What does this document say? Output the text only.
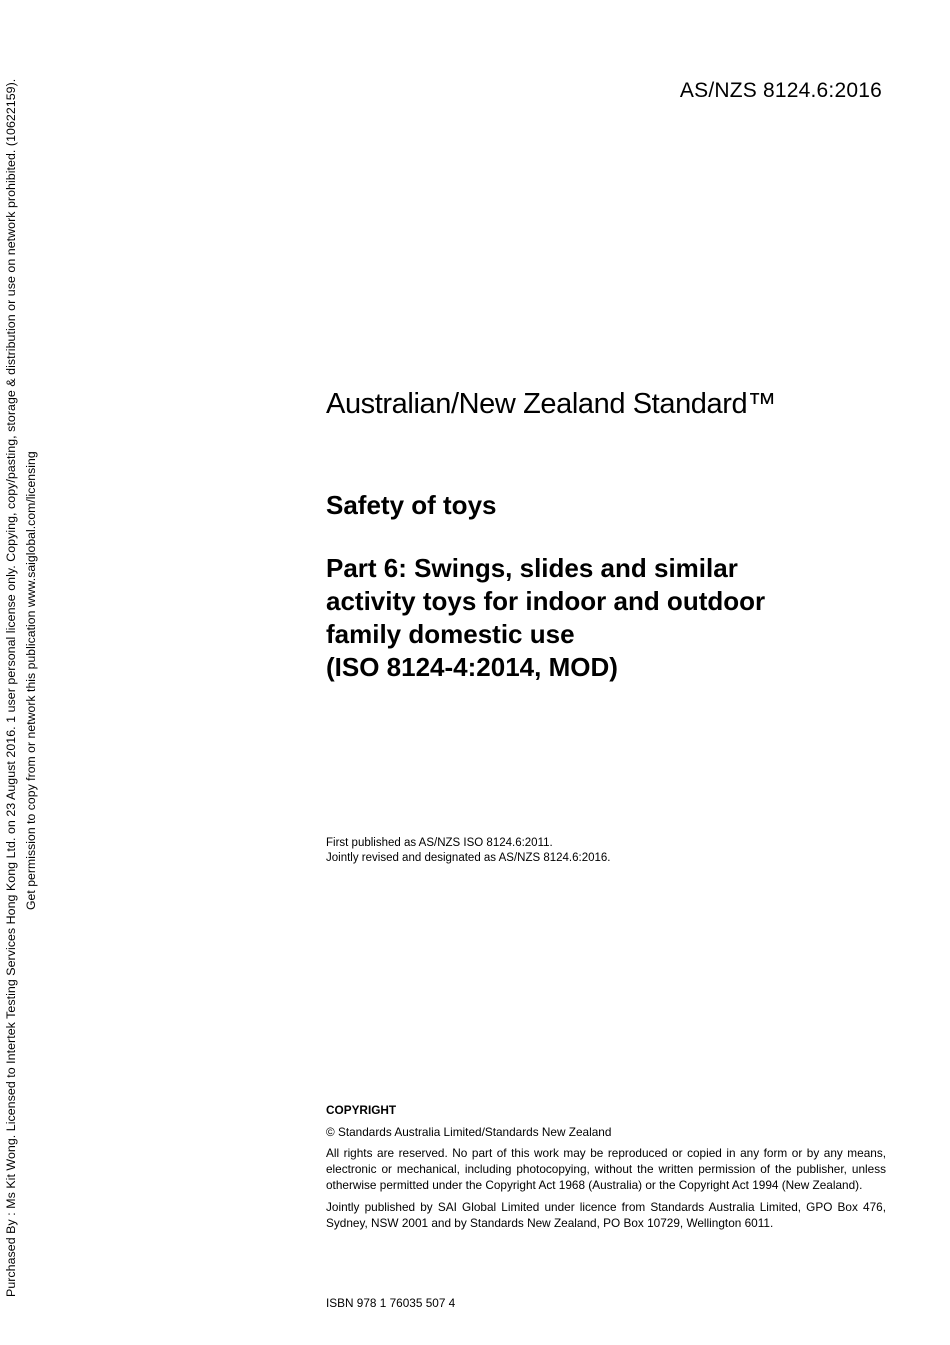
AS/NZS 8124.6:2016
Purchased By : Ms Kit Wong. Licensed to Intertek Testing Services Hong Kong Ltd. on 23 August 2016. 1 user personal license only. Copying, copy/pasting, storage & distribution or use on network prohibited. (10622159). Get permission to copy from or network this publication www.saiglobal.com/licensing
Australian/New Zealand Standard™
Safety of toys
Part 6: Swings, slides and similar
activity toys for indoor and outdoor
family domestic use
(ISO 8124-4:2014, MOD)
First published as AS/NZS ISO 8124.6:2011.
Jointly revised and designated as AS/NZS 8124.6:2016.
COPYRIGHT

© Standards Australia Limited/Standards New Zealand

All rights are reserved. No part of this work may be reproduced or copied in any form or by any means, electronic or mechanical, including photocopying, without the written permission of the publisher, unless otherwise permitted under the Copyright Act 1968 (Australia) or the Copyright Act 1994 (New Zealand).

Jointly published by SAI Global Limited under licence from Standards Australia Limited, GPO Box 476, Sydney, NSW 2001 and by Standards New Zealand, PO Box 10729, Wellington 6011.

ISBN 978 1 76035 507 4
